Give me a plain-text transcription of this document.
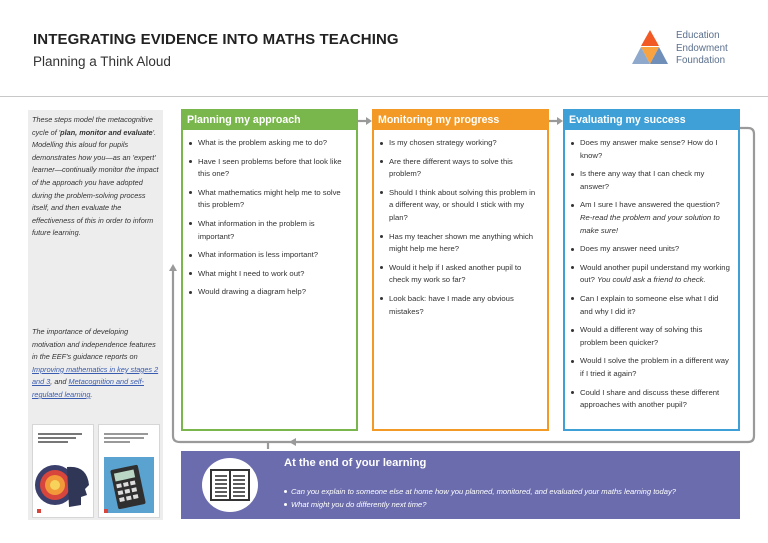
INTEGRATING EVIDENCE INTO MATHS TEACHING
Planning a Think Aloud
Education
Endowment
Foundation
These steps model the metacognitive cycle of 'plan, monitor and evaluate'. Modelling this aloud for pupils demonstrates how you—as an 'expert' learner—continually monitor the impact of the approach you have adopted during the problem-solving process itself, and then evaluate the effectiveness of this in order to inform future learning.
The importance of developing motivation and independence features in the EEF's guidance reports on Improving mathematics in key stages 2 and 3, and Metacognition and self-regulated learning.
Planning my approach
What is the problem asking me to do?
Have I seen problems before that look like this one?
What mathematics might help me to solve this problem?
What information in the problem is important?
What information is less important?
What might I need to work out?
Would drawing a diagram help?
Monitoring my progress
Is my chosen strategy working?
Are there different ways to solve this problem?
Should I think about solving this problem in a different way, or should I stick with my plan?
Has my teacher shown me anything which might help me here?
Would it help if I asked another pupil to check my work so far?
Look back: have I made any obvious mistakes?
Evaluating my success
Does my answer make sense? How do I know?
Is there any way that I can check my answer?
Am I sure I have answered the question? Re-read the problem and your solution to make sure!
Does my answer need units?
Would another pupil understand my working out? You could ask a friend to check.
Can I explain to someone else what I did and why I did it?
Would a different way of solving this problem been quicker?
Would I solve the problem in a different way if I tried it again?
Could I share and discuss these different approaches with another pupil?
At the end of your learning
Can you explain to someone else at home how you planned, monitored, and evaluated your maths learning today?
What might you do differently next time?
